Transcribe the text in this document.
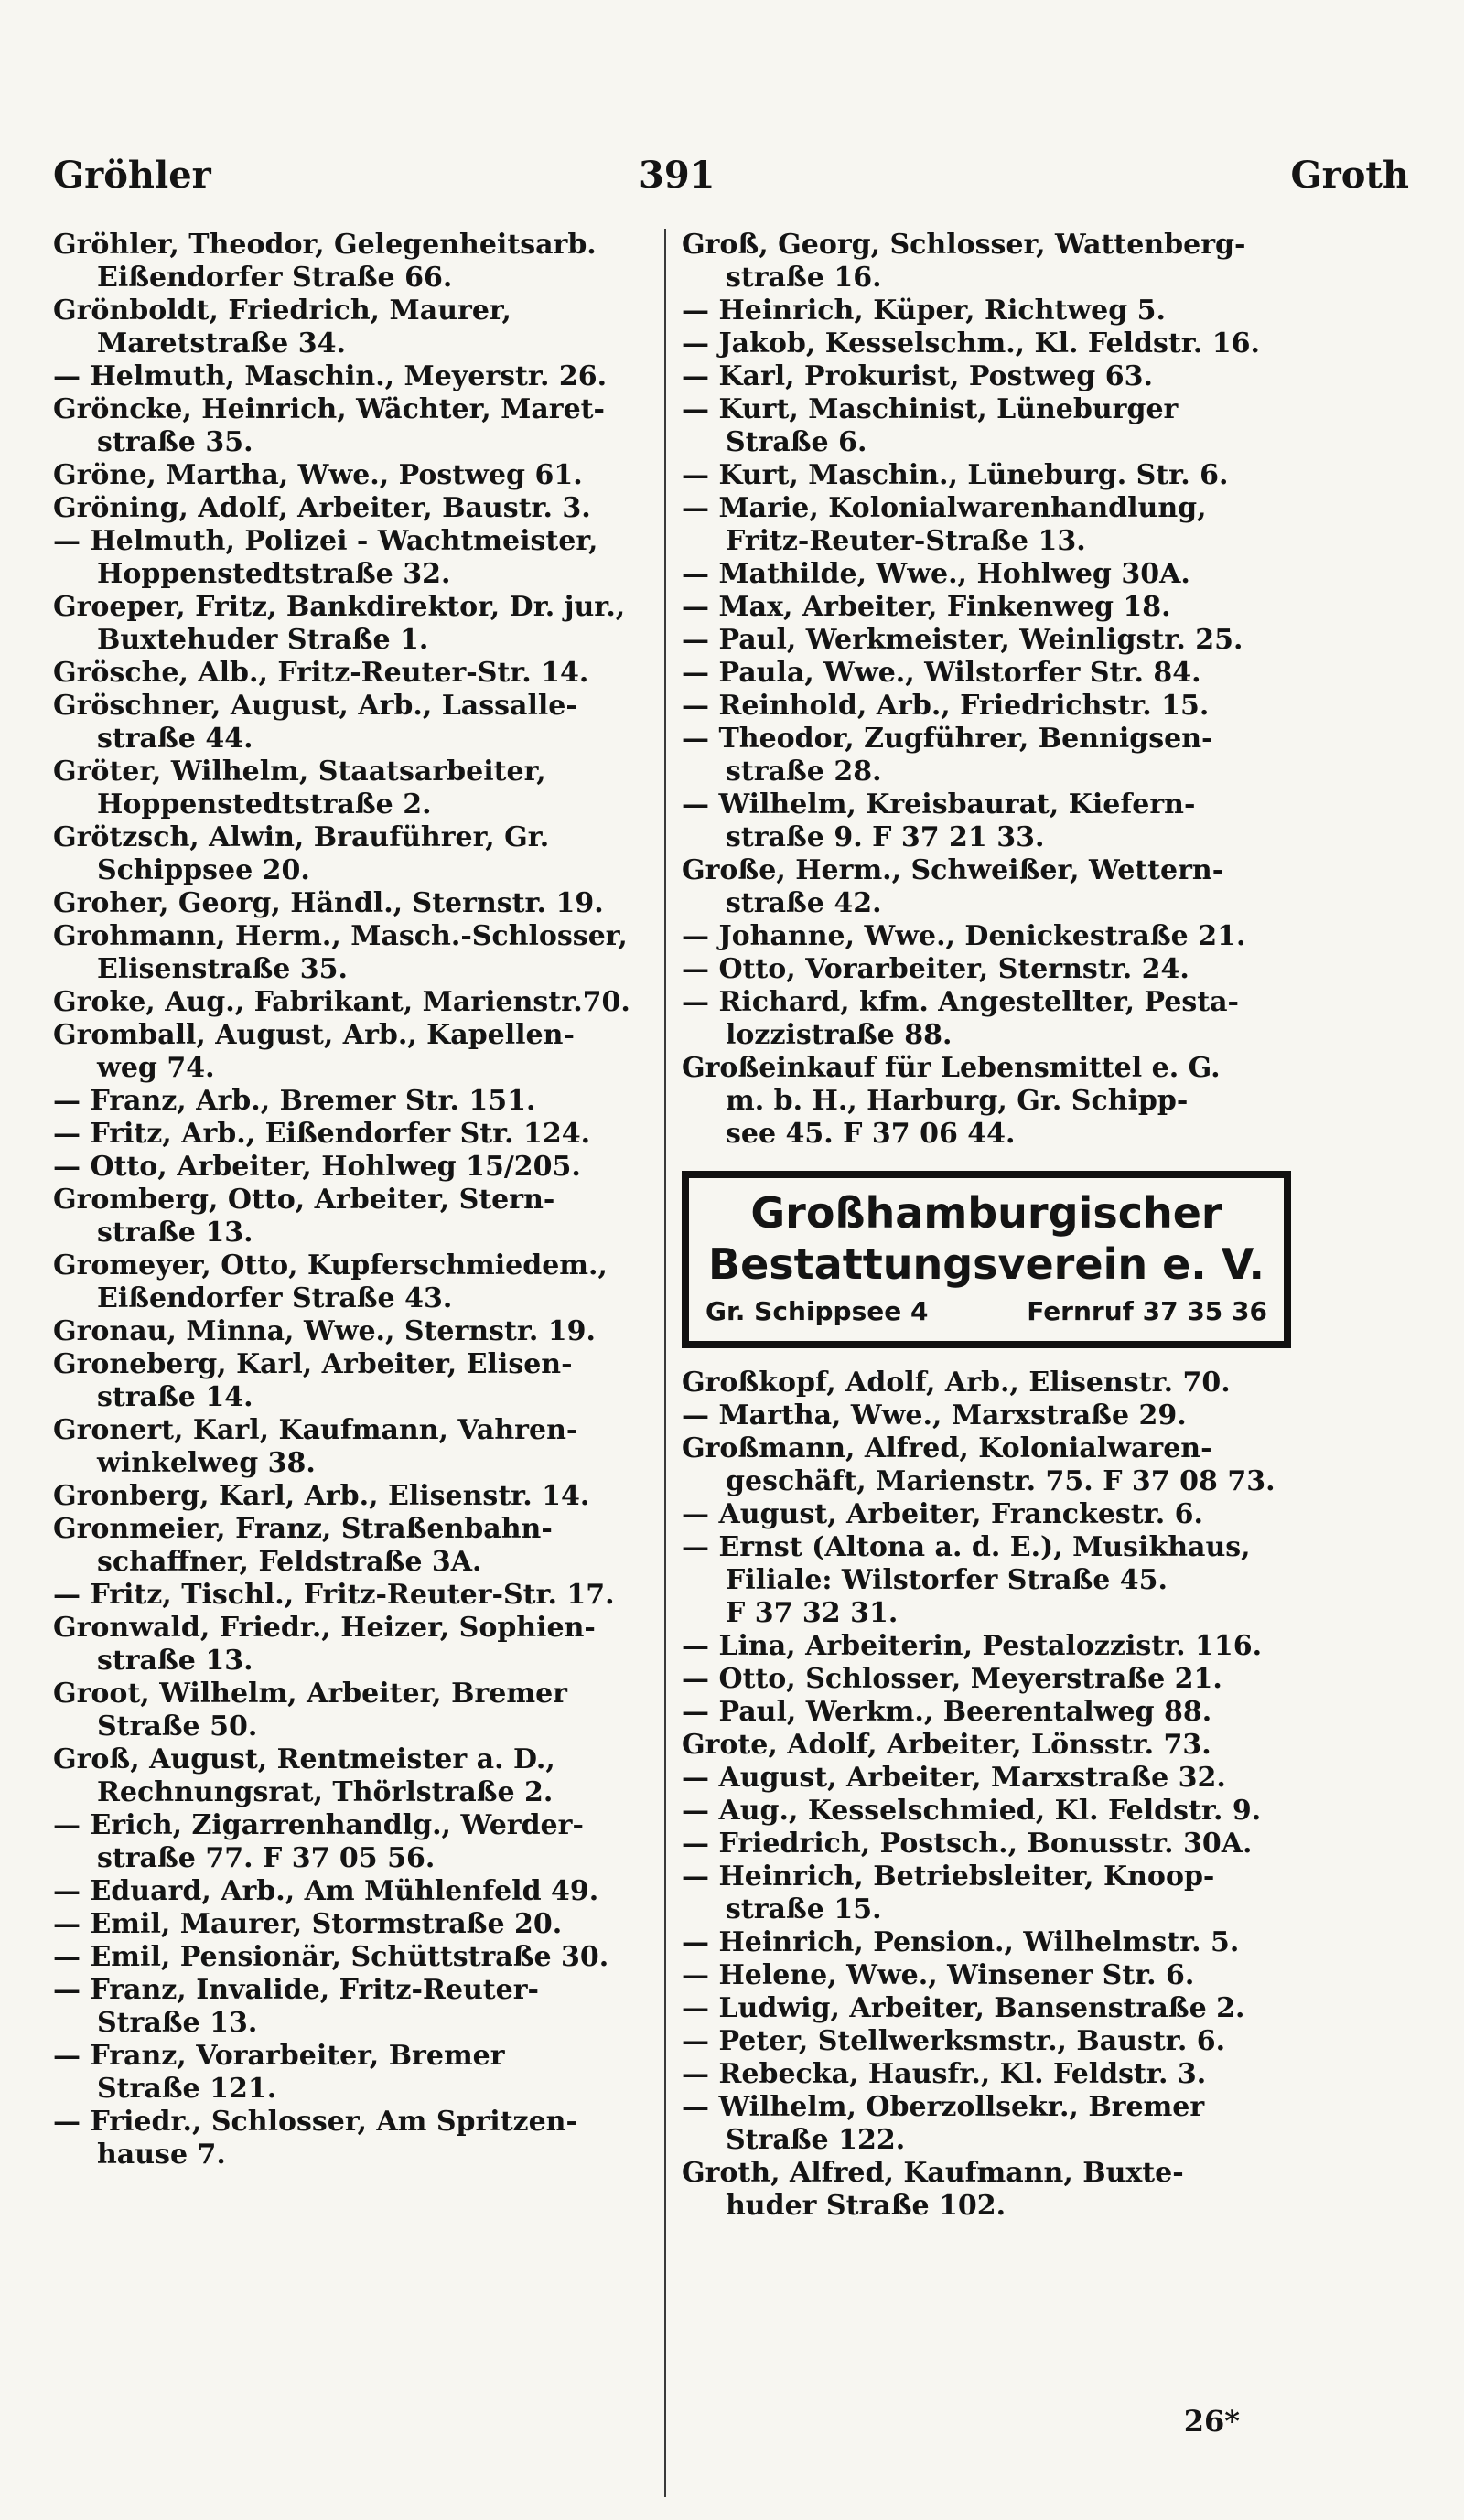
Gröhler	391	Groth
Gröhler, Theodor, Gelegenheitsarb.
Eißendorfer Straße 66.
Grönboldt, Friedrich, Maurer,
Maretstraße 34.
— Helmuth, Maschin., Meyerstr. 26.
Gröncke, Heinrich, Wächter, Maret-
straße 35.
Gröne, Martha, Wwe., Postweg 61.
Gröning, Adolf, Arbeiter, Baustr. 3.
— Helmuth, Polizei - Wachtmeister,
Hoppenstedtstraße 32.
Groeper, Fritz, Bankdirektor, Dr. jur.,
Buxtehuder Straße 1.
Grösche, Alb., Fritz-Reuter-Str. 14.
Gröschner, August, Arb., Lassalle-
straße 44.
Gröter, Wilhelm, Staatsarbeiter,
Hoppenstedtstraße 2.
Grötzsch, Alwin, Brauführer, Gr.
Schippsee 20.
Groher, Georg, Händl., Sternstr. 19.
Grohmann, Herm., Masch.-Schlosser,
Elisenstraße 35.
Groke, Aug., Fabrikant, Marienstr.70.
Gromball, August, Arb., Kapellen-
weg 74.
— Franz, Arb., Bremer Str. 151.
— Fritz, Arb., Eißendorfer Str. 124.
— Otto, Arbeiter, Hohlweg 15/205.
Gromberg, Otto, Arbeiter, Stern-
straße 13.
Gromeyer, Otto, Kupferschmiedem.,
Eißendorfer Straße 43.
Gronau, Minna, Wwe., Sternstr. 19.
Groneberg, Karl, Arbeiter, Elisen-
straße 14.
Gronert, Karl, Kaufmann, Vahren-
winkelweg 38.
Gronberg, Karl, Arb., Elisenstr. 14.
Gronmeier, Franz, Straßenbahn-
schaffner, Feldstraße 3A.
— Fritz, Tischl., Fritz-Reuter-Str. 17.
Gronwald, Friedr., Heizer, Sophien-
straße 13.
Groot, Wilhelm, Arbeiter, Bremer
Straße 50.
Groß, August, Rentmeister a. D.,
Rechnungsrat, Thörlstraße 2.
— Erich, Zigarrenhandlg., Werder-
straße 77. F 37 05 56.
— Eduard, Arb., Am Mühlenfeld 49.
— Emil, Maurer, Stormstraße 20.
— Emil, Pensionär, Schüttstraße 30.
— Franz, Invalide, Fritz-Reuter-
Straße 13.
— Franz, Vorarbeiter, Bremer
Straße 121.
— Friedr., Schlosser, Am Spritzen-
hause 7.
Groß, Georg, Schlosser, Wattenberg-
straße 16.
— Heinrich, Küper, Richtweg 5.
— Jakob, Kesselschm., Kl. Feldstr. 16.
— Karl, Prokurist, Postweg 63.
— Kurt, Maschinist, Lüneburger
Straße 6.
— Kurt, Maschin., Lüneburg. Str. 6.
— Marie, Kolonialwarenhandlung,
Fritz-Reuter-Straße 13.
— Mathilde, Wwe., Hohlweg 30A.
— Max, Arbeiter, Finkenweg 18.
— Paul, Werkmeister, Weinligstr. 25.
— Paula, Wwe., Wilstorfer Str. 84.
— Reinhold, Arb., Friedrichstr. 15.
— Theodor, Zugführer, Bennigsen-
straße 28.
— Wilhelm, Kreisbaurat, Kiefern-
straße 9. F 37 21 33.
Große, Herm., Schweißer, Wettern-
straße 42.
— Johanne, Wwe., Denickestraße 21.
— Otto, Vorarbeiter, Sternstr. 24.
— Richard, kfm. Angestellter, Pesta-
lozzistraße 88.
Großeinkauf für Lebensmittel e. G.
m. b. H., Harburg, Gr. Schipp-
see 45. F 37 06 44.
Großhamburgischer
Bestattungsverein e. V.
Gr. Schippsee 4	Fernruf 37 35 36
Großkopf, Adolf, Arb., Elisenstr. 70.
— Martha, Wwe., Marxstraße 29.
Großmann, Alfred, Kolonialwaren-
geschäft, Marienstr. 75. F 37 08 73.
— August, Arbeiter, Franckestr. 6.
— Ernst (Altona a. d. E.), Musikhaus,
Filiale: Wilstorfer Straße 45.
F 37 32 31.
— Lina, Arbeiterin, Pestalozzistr. 116.
— Otto, Schlosser, Meyerstraße 21.
— Paul, Werkm., Beerentalweg 88.
Grote, Adolf, Arbeiter, Lönsstr. 73.
— August, Arbeiter, Marxstraße 32.
— Aug., Kesselschmied, Kl. Feldstr. 9.
— Friedrich, Postsch., Bonusstr. 30A.
— Heinrich, Betriebsleiter, Knoop-
straße 15.
— Heinrich, Pension., Wilhelmstr. 5.
— Helene, Wwe., Winsener Str. 6.
— Ludwig, Arbeiter, Bansenstraße 2.
— Peter, Stellwerksmstr., Baustr. 6.
— Rebecka, Hausfr., Kl. Feldstr. 3.
— Wilhelm, Oberzollsekr., Bremer
Straße 122.
Groth, Alfred, Kaufmann, Buxte-
huder Straße 102.
26*
